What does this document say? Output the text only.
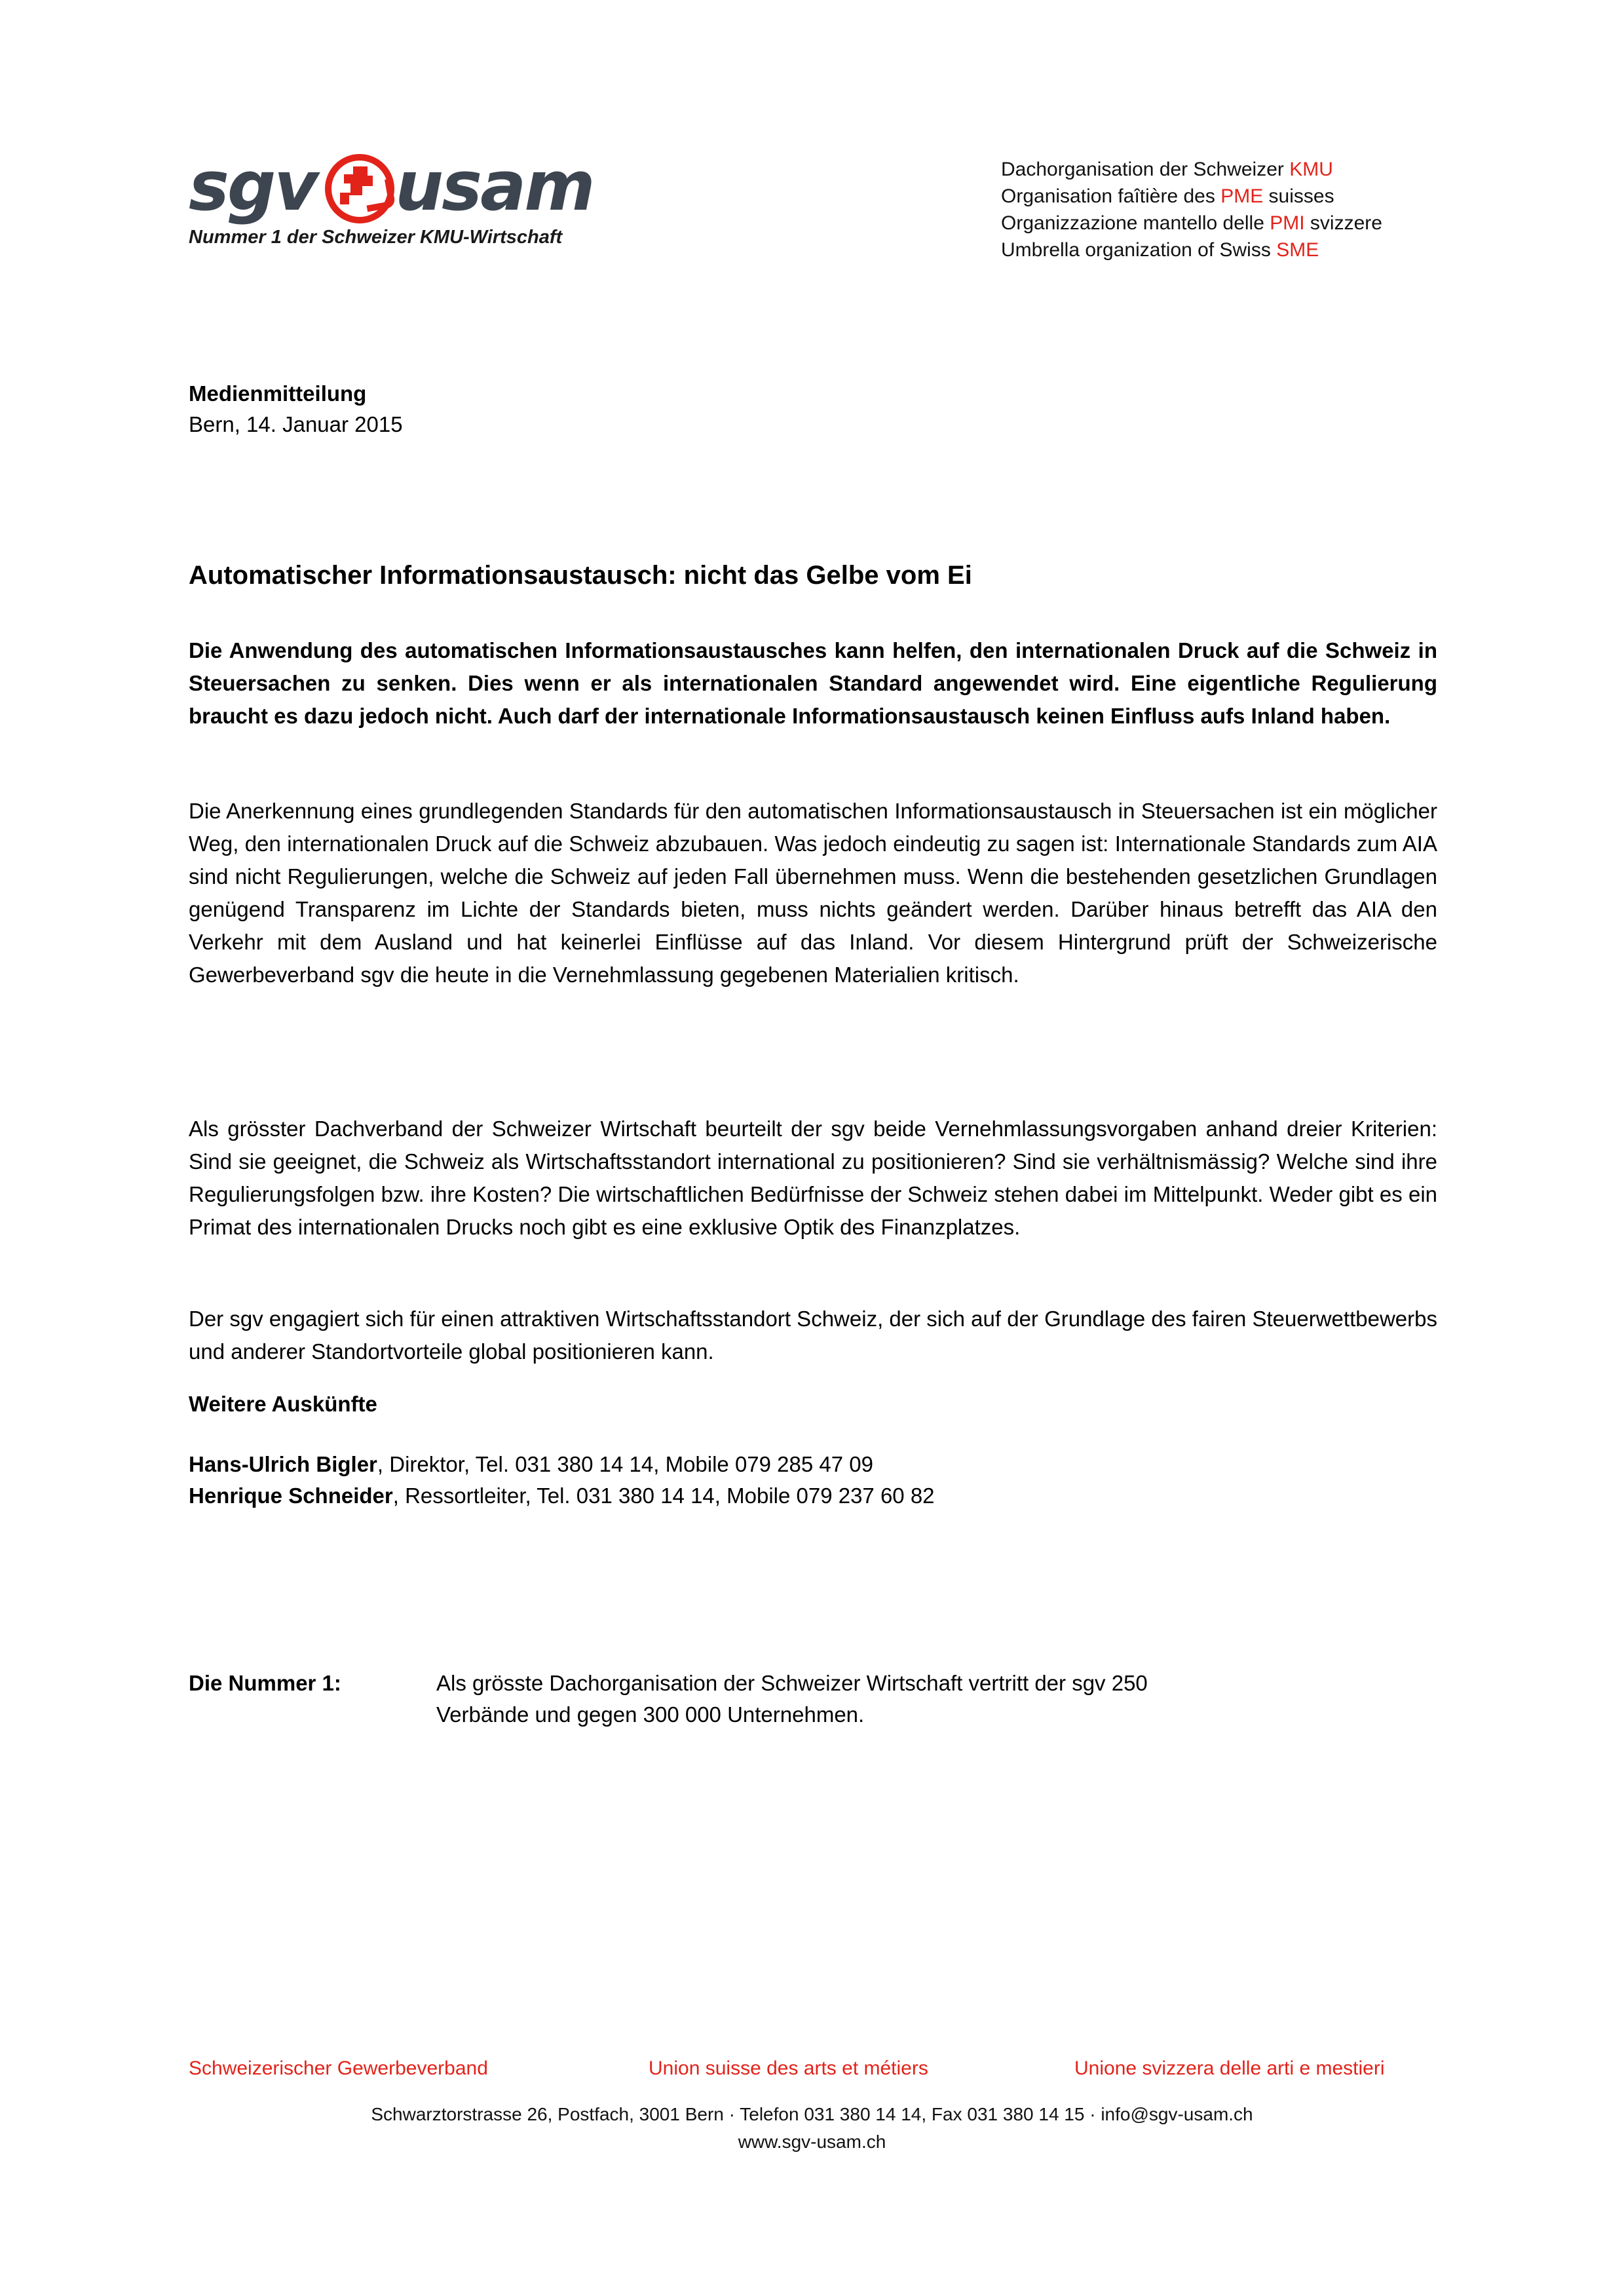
sgv usam
Nummer 1 der Schweizer KMU-Wirtschaft
Dachorganisation der Schweizer KMU
Organisation faîtière des PME suisses
Organizzazione mantello delle PMI svizzere
Umbrella organization of Swiss SME
Medienmitteilung
Bern, 14. Januar 2015
Automatischer Informationsaustausch: nicht das Gelbe vom Ei

Die Anwendung des automatischen Informationsaustausches kann helfen, den internationalen Druck auf die Schweiz in Steuersachen zu senken. Dies wenn er als internationalen Standard angewendet wird. Eine eigentliche Regulierung braucht es dazu jedoch nicht. Auch darf der internationale Informationsaustausch keinen Einfluss aufs Inland haben.

Die Anerkennung eines grundlegenden Standards für den automatischen Informationsaustausch in Steuersachen ist ein möglicher Weg, den internationalen Druck auf die Schweiz abzubauen. Was jedoch eindeutig zu sagen ist: Internationale Standards zum AIA sind nicht Regulierungen, welche die Schweiz auf jeden Fall übernehmen muss. Wenn die bestehenden gesetzlichen Grundlagen genügend Transparenz im Lichte der Standards bieten, muss nichts geändert werden. Darüber hinaus betrefft das AIA den Verkehr mit dem Ausland und hat keinerlei Einflüsse auf das Inland. Vor diesem Hintergrund prüft der Schweizerische Gewerbeverband sgv die heute in die Vernehmlassung gegebenen Materialien kritisch.

Als grösster Dachverband der Schweizer Wirtschaft beurteilt der sgv beide Vernehmlassungsvorgaben anhand dreier Kriterien: Sind sie geeignet, die Schweiz als Wirtschaftsstandort international zu positionieren? Sind sie verhältnismässig? Welche sind ihre Regulierungsfolgen bzw. ihre Kosten? Die wirtschaftlichen Bedürfnisse der Schweiz stehen dabei im Mittelpunkt. Weder gibt es ein Primat des internationalen Drucks noch gibt es eine exklusive Optik des Finanzplatzes.

Der sgv engagiert sich für einen attraktiven Wirtschaftsstandort Schweiz, der sich auf der Grundlage des fairen Steuerwettbewerbs und anderer Standortvorteile global positionieren kann.

Weitere Auskünfte
Hans-Ulrich Bigler, Direktor, Tel. 031 380 14 14, Mobile 079 285 47 09
Henrique Schneider, Ressortleiter, Tel. 031 380 14 14, Mobile 079 237 60 82
Die Nummer 1:	Als grösste Dachorganisation der Schweizer Wirtschaft vertritt der sgv 250 Verbände und gegen 300 000 Unternehmen.
Schweizerischer Gewerbeverband	Union suisse des arts et métiers	Unione svizzera delle arti e mestieri
Schwarztorstrasse 26, Postfach, 3001 Bern · Telefon 031 380 14 14, Fax 031 380 14 15 · info@sgv-usam.ch
www.sgv-usam.ch
